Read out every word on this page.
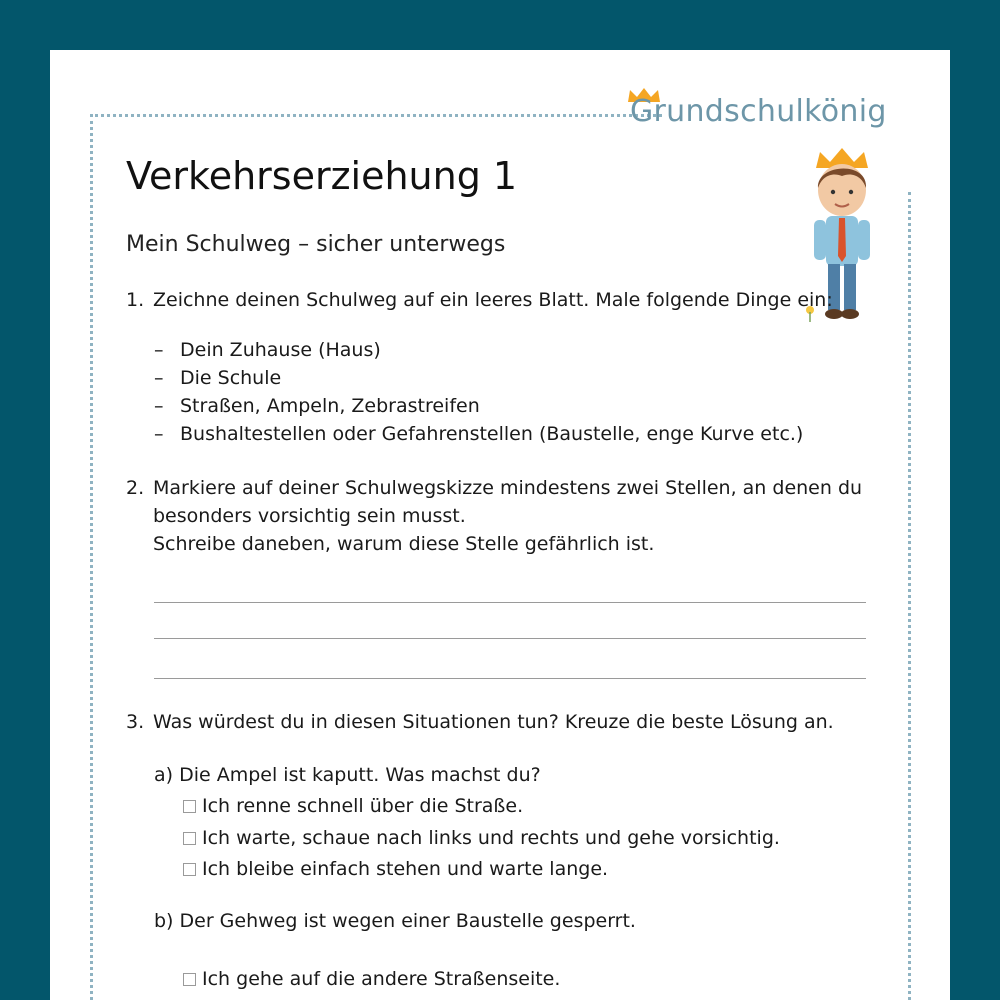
Grundschulkönig
Verkehrserziehung 1
Mein Schulweg – sicher unterwegs
1. Zeichne deinen Schulweg auf ein leeres Blatt. Male folgende Dinge ein:
– Dein Zuhause (Haus)
– Die Schule
– Straßen, Ampeln, Zebrastreifen
– Bushaltestellen oder Gefahrenstellen (Baustelle, enge Kurve etc.)
2. Markiere auf deiner Schulwegskizze mindestens zwei Stellen, an denen du
besonders vorsichtig sein musst.
Schreibe daneben, warum diese Stelle gefährlich ist.
3. Was würdest du in diesen Situationen tun? Kreuze die beste Lösung an.
a) Die Ampel ist kaputt. Was machst du?
Ich renne schnell über die Straße.
Ich warte, schaue nach links und rechts und gehe vorsichtig.
Ich bleibe einfach stehen und warte lange.
b) Der Gehweg ist wegen einer Baustelle gesperrt.
Ich gehe auf die andere Straßenseite.
